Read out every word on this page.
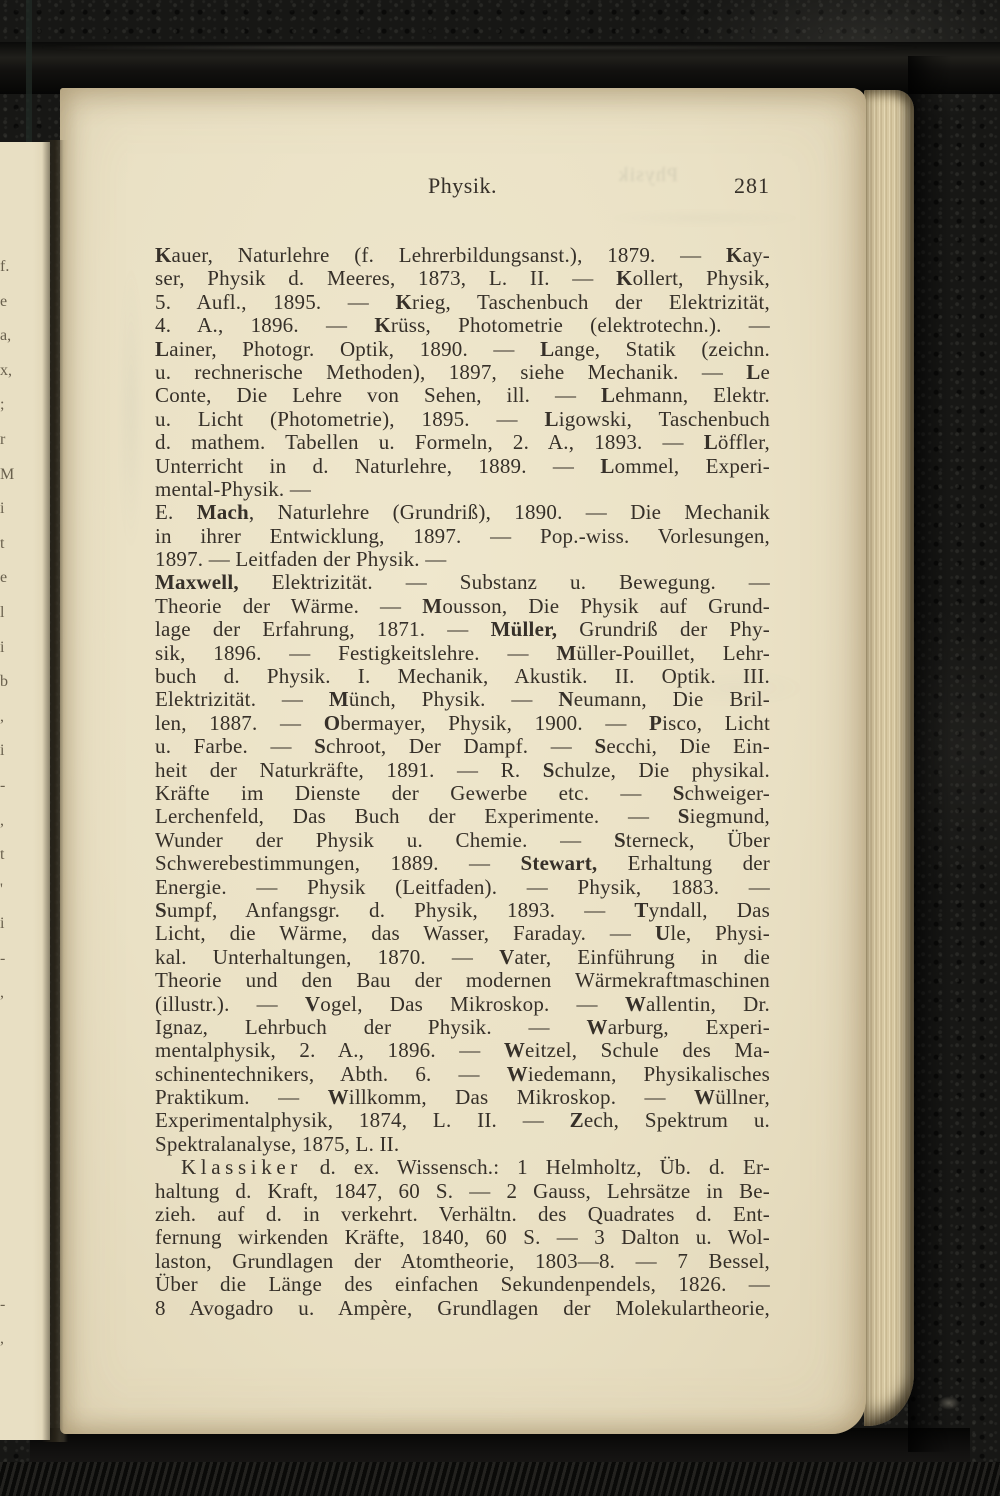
f.
e
a,
x,
;
r
M
i
t
e
l
i
b
,
i
-
,
t
'
i
-
,
-
,
Physik
Physik.	281
Kauer, Naturlehre (f. Lehrerbildungsanst.), 1879. — Kay-
ser, Physik d. Meeres, 1873, L. II. — Kollert, Physik,
5. Aufl., 1895. — Krieg, Taschenbuch der Elektrizität,
4. A., 1896. — Krüss, Photometrie (elektrotechn.). —
Lainer, Photogr. Optik, 1890. — Lange, Statik (zeichn.
u. rechnerische Methoden), 1897, siehe Mechanik. — Le
Conte, Die Lehre von Sehen, ill. — Lehmann, Elektr.
u. Licht (Photometrie), 1895. — Ligowski, Taschenbuch
d. mathem. Tabellen u. Formeln, 2. A., 1893. — Löffler,
Unterricht in d. Naturlehre, 1889. — Lommel, Experi-
mental-Physik. —
E. Mach, Naturlehre (Grundriß), 1890. — Die Mechanik
in ihrer Entwicklung, 1897. — Pop.-wiss. Vorlesungen,
1897. — Leitfaden der Physik. —
Maxwell, Elektrizität. — Substanz u. Bewegung. —
Theorie der Wärme. — Mousson, Die Physik auf Grund-
lage der Erfahrung, 1871. — Müller, Grundriß der Phy-
sik, 1896. — Festigkeitslehre. — Müller-Pouillet, Lehr-
buch d. Physik. I. Mechanik, Akustik. II. Optik. III.
Elektrizität. — Münch, Physik. — Neumann, Die Bril-
len, 1887. — Obermayer, Physik, 1900. — Pisco, Licht
u. Farbe. — Schroot, Der Dampf. — Secchi, Die Ein-
heit der Naturkräfte, 1891. — R. Schulze, Die physikal.
Kräfte im Dienste der Gewerbe etc. — Schweiger-
Lerchenfeld, Das Buch der Experimente. — Siegmund,
Wunder der Physik u. Chemie. — Sterneck, Über
Schwerebestimmungen, 1889. — Stewart, Erhaltung der
Energie. — Physik (Leitfaden). — Physik, 1883. —
Sumpf, Anfangsgr. d. Physik, 1893. — Tyndall, Das
Licht, die Wärme, das Wasser, Faraday. — Ule, Physi-
kal. Unterhaltungen, 1870. — Vater, Einführung in die
Theorie und den Bau der modernen Wärmekraftmaschinen
(illustr.). — Vogel, Das Mikroskop. — Wallentin, Dr.
Ignaz, Lehrbuch der Physik. — Warburg, Experi-
mentalphysik, 2. A., 1896. — Weitzel, Schule des Ma-
schinentechnikers, Abth. 6. — Wiedemann, Physikalisches
Praktikum. — Willkomm, Das Mikroskop. — Wüllner,
Experimentalphysik, 1874, L. II. — Zech, Spektrum u.
Spektralanalyse, 1875, L. II.
Klassiker d. ex. Wissensch.: 1 Helmholtz, Üb. d. Er-
haltung d. Kraft, 1847, 60 S. — 2 Gauss, Lehrsätze in Be-
zieh. auf d. in verkehrt. Verhältn. des Quadrates d. Ent-
fernung wirkenden Kräfte, 1840, 60 S. — 3 Dalton u. Wol-
laston, Grundlagen der Atomtheorie, 1803—8. — 7 Bessel,
Über die Länge des einfachen Sekundenpendels, 1826. —
8 Avogadro u. Ampère, Grundlagen der Molekulartheorie,
